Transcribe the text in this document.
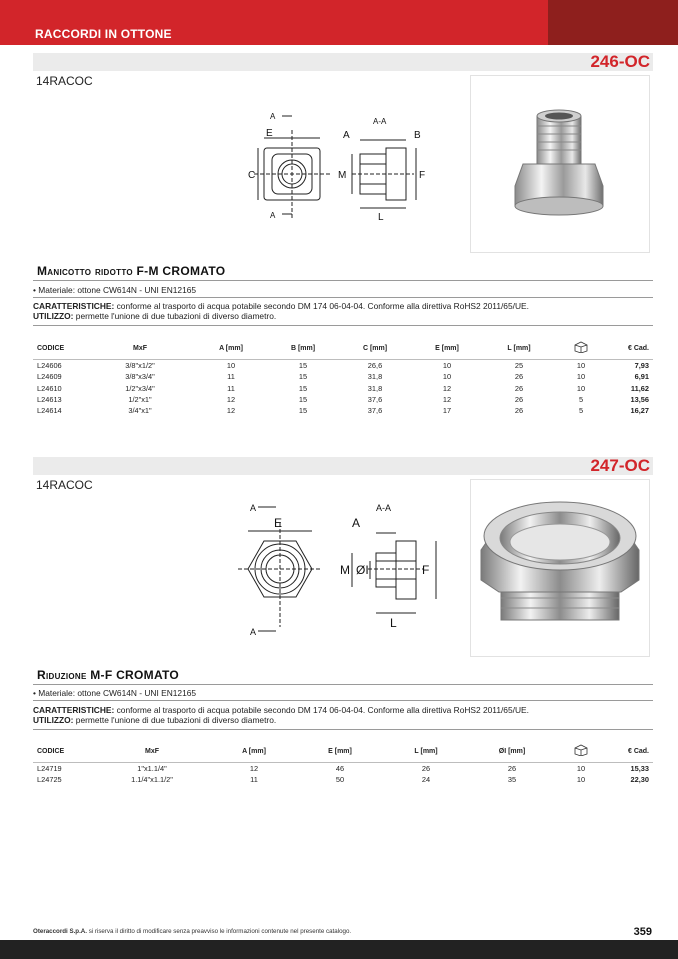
RACCORDI IN OTTONE
246-OC
14RACOC
A
A
E
C
A-A
A	B
M	F
L
Manicotto ridotto F-M CROMATO
• Materiale: ottone CW614N - UNI EN12165
CARATTERISTICHE: conforme al trasporto di acqua potabile secondo DM 174 06-04-04. Conforme alla direttiva RoHS2 2011/65/UE.
UTILIZZO: permette l'unione di due tubazioni di diverso diametro.
CODICE	MxF	A [mm]	B [mm]	C [mm]	E [mm]	L [mm]		€ Cad.
L24606	3/8"x1/2"	10	15	26,6	10	25	10	7,93
L24609	3/8"x3/4"	11	15	31,8	10	26	10	6,91
L24610	1/2"x3/4"	11	15	31,8	12	26	10	11,62
L24613	1/2"x1"	12	15	37,6	12	26	5	13,56
L24614	3/4"x1"	12	15	37,6	17	26	5	16,27
247-OC
14RACOC
A
A
E
A-A
A
M ØI	F
L
Riduzione M-F CROMATO
• Materiale: ottone CW614N - UNI EN12165
CARATTERISTICHE: conforme al trasporto di acqua potabile secondo DM 174 06-04-04. Conforme alla direttiva RoHS2 2011/65/UE.
UTILIZZO: permette l'unione di due tubazioni di diverso diametro.
CODICE	MxF	A [mm]	E [mm]	L [mm]	ØI [mm]		€ Cad.
L24719	1"x1.1/4"	12	46	26	26	10	15,33
L24725	1.1/4"x1.1/2"	11	50	24	35	10	22,30
Oteraccordi S.p.A. si riserva il diritto di modificare senza preavviso le informazioni contenute nel presente catalogo.	359
